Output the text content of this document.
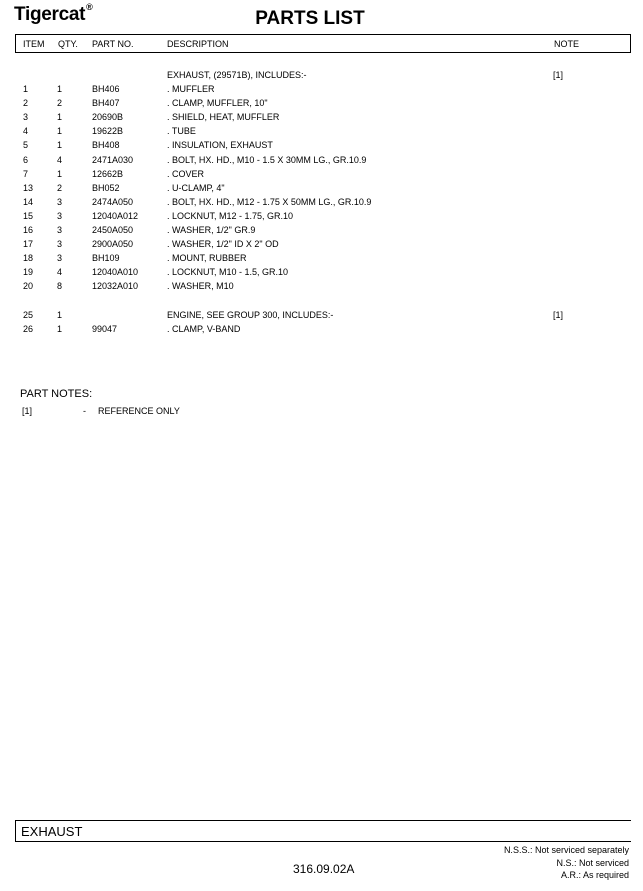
Tigercat®
PARTS LIST
ITEM QTY. PART NO.	DESCRIPTION	NOTE
EXHAUST, (29571B), INCLUDES:-	[1]
1	1	BH406	. MUFFLER
2	2	BH407	. CLAMP, MUFFLER, 10"
3	1	20690B	. SHIELD, HEAT, MUFFLER
4	1	19622B	. TUBE
5	1	BH408	. INSULATION, EXHAUST
6	4	2471A030	. BOLT, HX. HD., M10 - 1.5 X 30MM LG., GR.10.9
7	1	12662B	. COVER
13	2	BH052	. U-CLAMP, 4"
14	3	2474A050	. BOLT, HX. HD., M12 - 1.75 X 50MM LG., GR.10.9
15	3	12040A012	. LOCKNUT, M12 - 1.75, GR.10
16	3	2450A050	. WASHER, 1/2" GR.9
17	3	2900A050	. WASHER, 1/2" ID X 2" OD
18	3	BH109	. MOUNT, RUBBER
19	4	12040A010	. LOCKNUT, M10 - 1.5, GR.10
20	8	12032A010	. WASHER, M10
25	1	ENGINE, SEE GROUP 300, INCLUDES:-	[1]
26	1	99047	. CLAMP, V-BAND
PART NOTES:
[1]	- REFERENCE ONLY
EXHAUST
N.S.S.: Not serviced separately
N.S.: Not serviced
A.R.: As required
316.09.02A
